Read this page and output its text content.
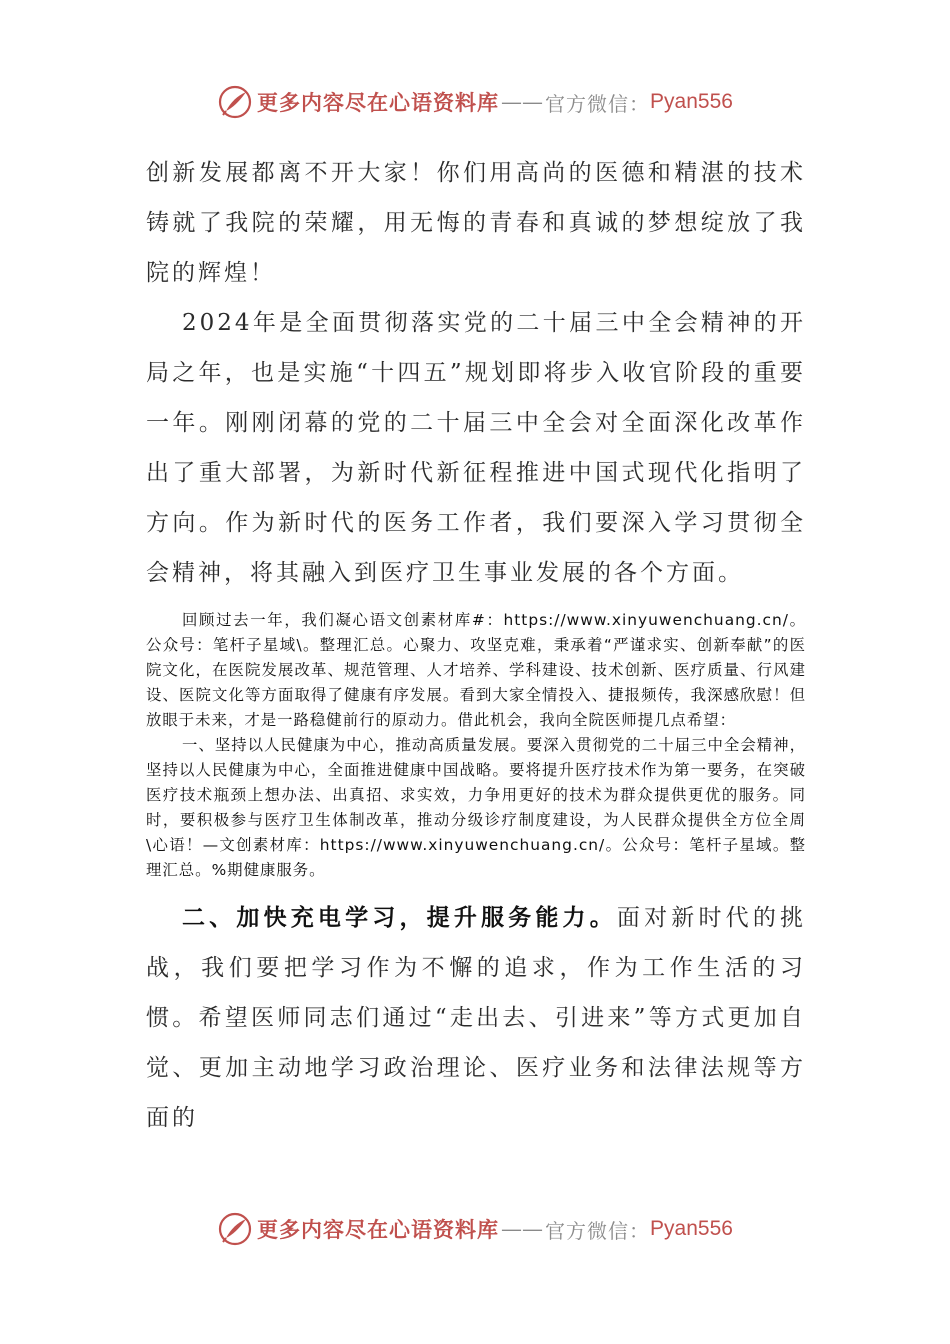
更多内容尽在心语资料库 —— 官方微信： Pyan556

创新发展都离不开大家！你们用高尚的医德和精湛的技术铸就了我院的荣耀，用无悔的青春和真诚的梦想绽放了我院的辉煌！

2024年是全面贯彻落实党的二十届三中全会精神的开局之年，也是实施“十四五”规划即将步入收官阶段的重要一年。刚刚闭幕的党的二十届三中全会对全面深化改革作出了重大部署，为新时代新征程推进中国式现代化指明了方向。作为新时代的医务工作者，我们要深入学习贯彻全会精神，将其融入到医疗卫生事业发展的各个方面。

回顾过去一年，我们凝心语文创素材库#：https://www.xinyuwenchuang.cn/。公众号：笔杆子星域\。整理汇总。心聚力、攻坚克难，秉承着“严谨求实、创新奉献”的医院文化，在医院发展改革、规范管理、人才培养、学科建设、技术创新、医疗质量、行风建设、医院文化等方面取得了健康有序发展。看到大家全情投入、捷报频传，我深感欣慰！但放眼于未来，才是一路稳健前行的原动力。借此机会，我向全院医师提几点希望：

一、坚持以人民健康为中心，推动高质量发展。要深入贯彻党的二十届三中全会精神，坚持以人民健康为中心，全面推进健康中国战略。要将提升医疗技术作为第一要务，在突破医疗技术瓶颈上想办法、出真招、求实效，力争用更好的技术为群众提供更优的服务。同时，要积极参与医疗卫生体制改革，推动分级诊疗制度建设，为人民群众提供全方位全周\心语！—文创素材库：https://www.xinyuwenchuang.cn/。公众号：笔杆子星域。整理汇总。%期健康服务。

二、加快充电学习，提升服务能力。面对新时代的挑战，我们要把学习作为不懈的追求，作为工作生活的习惯。希望医师同志们通过“走出去、引进来”等方式更加自觉、更加主动地学习政治理论、医疗业务和法律法规等方面的

更多内容尽在心语资料库 —— 官方微信： Pyan556
